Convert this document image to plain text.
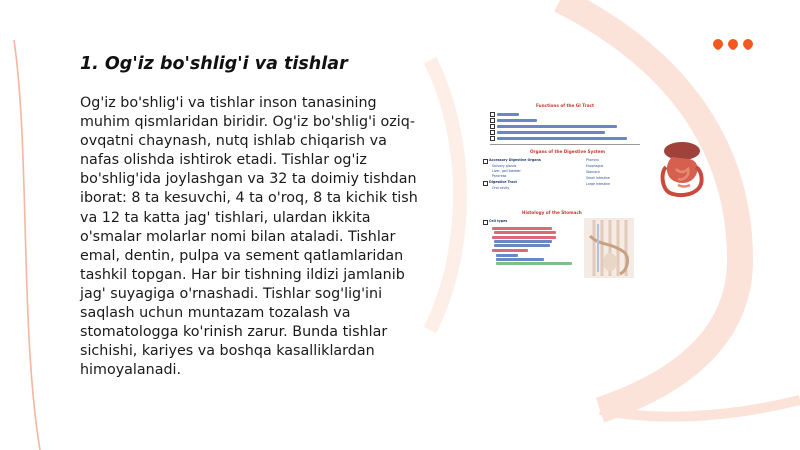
1. Og'iz bo'shlig'i va tishlar

Og'iz bo'shlig'i va tishlar inson tanasining muhim qismlaridan biridir. Og'iz bo'shlig'i oziq-ovqatni chaynash, nutq ishlab chiqarish va nafas olishda ishtirok etadi. Tishlar og'iz bo'shlig'ida joylashgan va 32 ta doimiy tishdan iborat: 8 ta kesuvchi, 4 ta o'roq, 8 ta kichik tish va 12 ta katta jag' tishlari, ulardan ikkita o'smalar molarlar nomi bilan ataladi. Tishlar emal, dentin, pulpa va sement qatlamlaridan tashkil topgan. Har bir tishning ildizi jamlanib jag' suyagiga o'rnashadi. Tishlar sog'lig'ini saqlash uchun muntazam tozalash va stomatologga ko'rinish zarur. Bunda tishlar sichishi, kariyes va boshqa kasalliklardan himoyalanadi.

Functions of the GI Tract
Organs of the Digestive System
Accessory Digestive Organs
Salivary glands
Liver, gall bladder
Pancreas
Digestive Tract
Oral cavity
Pharynx
Esophagus
Stomach
Small Intestine
Large Intestine
Histology of the Stomach
Cell types
